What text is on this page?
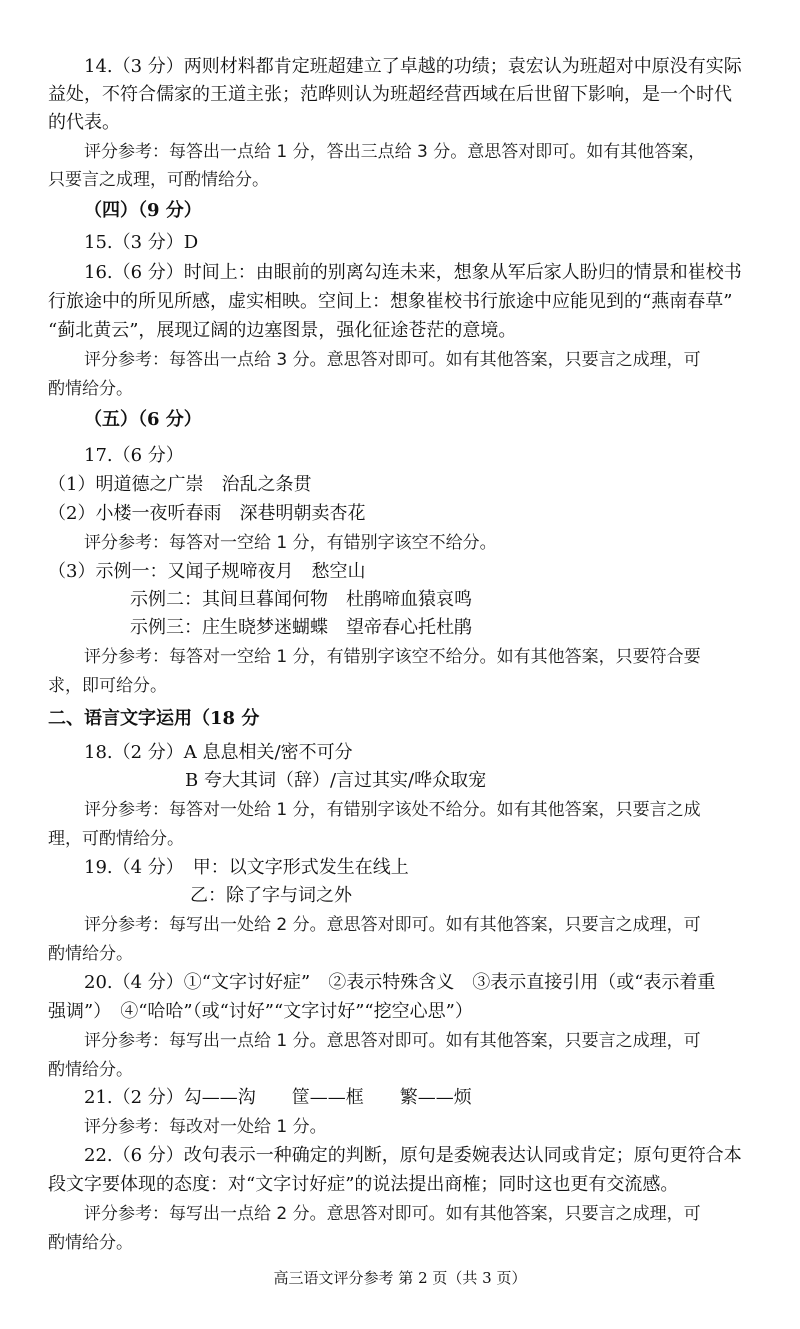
14.（3 分）两则材料都肯定班超建立了卓越的功绩；袁宏认为班超对中原没有实际
益处，不符合儒家的王道主张；范晔则认为班超经营西域在后世留下影响，是一个时代
的代表。
评分参考：每答出一点给 1 分，答出三点给 3 分。意思答对即可。如有其他答案，
只要言之成理，可酌情给分。
（四）（9 分）
15.（3 分）D
16.（6 分）时间上：由眼前的别离勾连未来，想象从军后家人盼归的情景和崔校书
行旅途中的所见所感，虚实相映。空间上：想象崔校书行旅途中应能见到的“燕南春草”
“蓟北黄云”，展现辽阔的边塞图景，强化征途苍茫的意境。
评分参考：每答出一点给 3 分。意思答对即可。如有其他答案，只要言之成理，可
酌情给分。
（五）（6 分）
17.（6 分）
（1）明道德之广崇　治乱之条贯
（2）小楼一夜听春雨　深巷明朝卖杏花
评分参考：每答对一空给 1 分，有错别字该空不给分。
（3）示例一：又闻子规啼夜月　愁空山
示例二：其间旦暮闻何物　杜鹃啼血猿哀鸣
示例三：庄生晓梦迷蝴蝶　望帝春心托杜鹃
评分参考：每答对一空给 1 分，有错别字该空不给分。如有其他答案，只要符合要
求，即可给分。
二、语言文字运用（18 分
18.（2 分）A 息息相关/密不可分
B 夸大其词（辞）/言过其实/哗众取宠
评分参考：每答对一处给 1 分，有错别字该处不给分。如有其他答案，只要言之成
理，可酌情给分。
19.（4 分）　甲：以文字形式发生在线上
乙：除了字与词之外
评分参考：每写出一处给 2 分。意思答对即可。如有其他答案，只要言之成理，可
酌情给分。
20.（4 分）①“文字讨好症”　②表示特殊含义　③表示直接引用（或“表示着重
强调”）　④“哈哈”（或“讨好”“文字讨好”“挖空心思”）
评分参考：每写出一点给 1 分。意思答对即可。如有其他答案，只要言之成理，可
酌情给分。
21.（2 分）勾——沟　　筐——框　　繁——烦
评分参考：每改对一处给 1 分。
22.（6 分）改句表示一种确定的判断，原句是委婉表达认同或肯定；原句更符合本
段文字要体现的态度：对“文字讨好症”的说法提出商榷；同时这也更有交流感。
评分参考：每写出一点给 2 分。意思答对即可。如有其他答案，只要言之成理，可
酌情给分。
高三语文评分参考 第 2 页（共 3 页）
